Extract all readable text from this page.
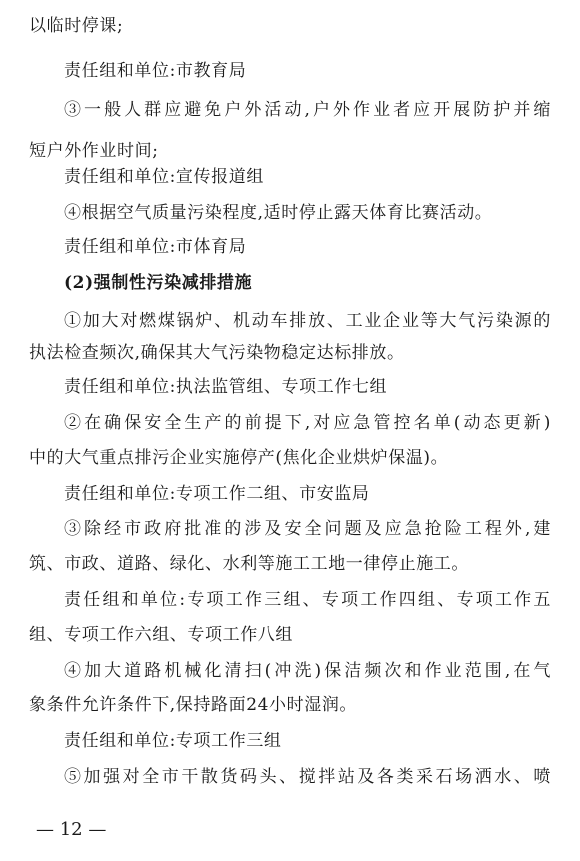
以临时停课;
责任组和单位:市教育局
③一般人群应避免户外活动,户外作业者应开展防护并缩
短户外作业时间;
责任组和单位:宣传报道组
④根据空气质量污染程度,适时停止露天体育比赛活动。
责任组和单位:市体育局
(2)强制性污染减排措施
①加大对燃煤锅炉、机动车排放、工业企业等大气污染源的
执法检查频次,确保其大气污染物稳定达标排放。
责任组和单位:执法监管组、专项工作七组
②在确保安全生产的前提下,对应急管控名单(动态更新)
中的大气重点排污企业实施停产(焦化企业烘炉保温)。
责任组和单位:专项工作二组、市安监局
③除经市政府批准的涉及安全问题及应急抢险工程外,建
筑、市政、道路、绿化、水利等施工工地一律停止施工。
责任组和单位:专项工作三组、专项工作四组、专项工作五
组、专项工作六组、专项工作八组
④加大道路机械化清扫(冲洗)保洁频次和作业范围,在气
象条件允许条件下,保持路面24小时湿润。
责任组和单位:专项工作三组
⑤加强对全市干散货码头、搅拌站及各类采石场洒水、喷
— 12 —
